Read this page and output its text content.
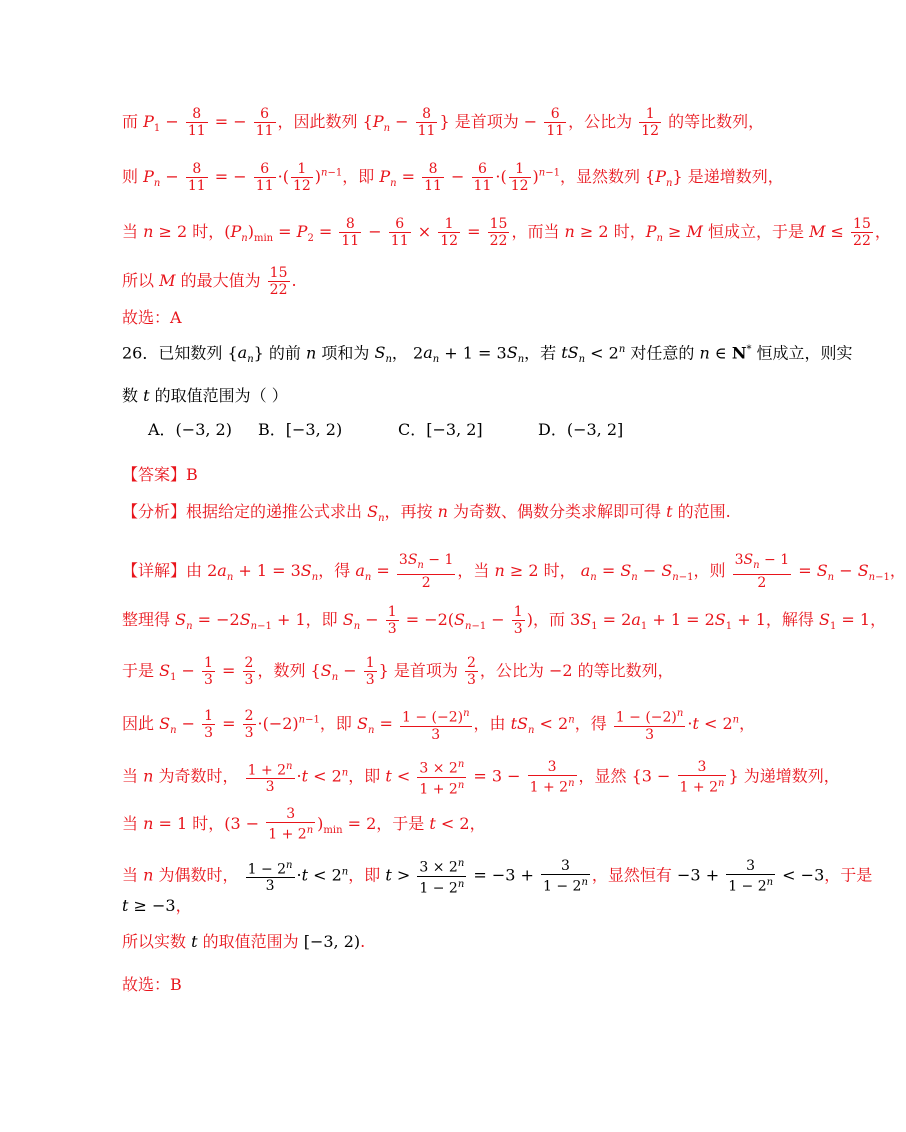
而 $P_1 - \frac{8}{11}$ = − $\frac{6}{11}$ ，因此数列 {$P_n - \frac{8}{11}$ } 是首项为 − $\frac{6}{11}$ ，公比为 $\frac{1}{12}$ 的等比数列，
则 $P_n - \frac{8}{11}$ = − $\frac{6}{11}$ ·( $\frac{1}{12} )^{n-1}$，即 $P_n = \frac{8}{11} - \frac{6}{11}$ ·( $\frac{1}{12} )^{n-1}$，显然数列 $\{P_n\}$ 是递增数列，
当 n ≥ 2 时，$(P_n)_{min} = P_2 = \frac{8}{11} - \frac{6}{11} \times \frac{1}{12} = \frac{15}{22}$ ，而当 n ≥ 2 时，$P_n \ge M$ 恒成立，于是 $M \le \frac{15}{22}$ ，
所以 M 的最大值为 $\frac{15}{22}$ .
故选：A
26．已知数列 $\{a_n\}$ 的前 n 项和为 $S_n$， $2a_n + 1 = 3S_n$，若 $tS_n < 2^n$ 对任意的 n ∈ N* 恒成立，则实
数 t 的取值范围为（ ）
A．(−3, 2) B．[−3, 2)	C．[−3, 2]	D．(−3, 2]
【答案】B
【分析】根据给定的递推公式求出 $S_n$，再按 n 为奇数、偶数分类求解即可得 t 的范围.
【详解】由 $2a_n + 1 = 3S_n$，得 $a_n = \frac{3S_n - 1}{2}$ ，当 n ≥ 2 时， $a_n = S_n - S_{n-1}$，则 $\frac{3S_n - 1}{2} = S_n - S_{n-1}$，
整理得 $S_n = -2S_{n-1} + 1$，即 $S_n - \frac{1}{3} = -2(S_{n-1} - \frac{1}{3}$ )，而 $3S_1 = 2a_1 + 1 = 2S_1 + 1$，解得 $S_1 = 1$，
于是 $S_1 - \frac{1}{3} = \frac{2}{3}$ ，数列 {$S_n - \frac{1}{3}$ } 是首项为 $\frac{2}{3}$ ，公比为 −2 的等比数列，
因此 $S_n - \frac{1}{3} = \frac{2}{3} \cdot(-2)^{n-1}$，即 $S_n = \frac{1 - (-2)^n}{3}$ ，由 $tS_n < 2^n$，得 $\frac{1 - (-2)^n}{3} \cdot t < 2^n$，
当 n 为奇数时， $\frac{1 + 2^n}{3} \cdot t < 2^n$，即 $t < \frac{3 \times 2^n}{1 + 2^n} = 3 - \frac{3}{1 + 2^n}$ ，显然 {$3 - \frac{3}{1 + 2^n}$ } 为递增数列，
当 n = 1 时，$(3 - \frac{3}{1 + 2^n} )_{min} = 2$，于是 t < 2，
当 n 为偶数时， $\frac{1 - 2^n}{3} \cdot t < 2^n$，即 $t > \frac{3 \times 2^n}{1 - 2^n} = -3 + \frac{3}{1 - 2^n}$ ，显然恒有 $-3 + \frac{3}{1 - 2^n} < -3$，于是
t ≥ −3，
所以实数 t 的取值范围为 [−3, 2).
故选：B
